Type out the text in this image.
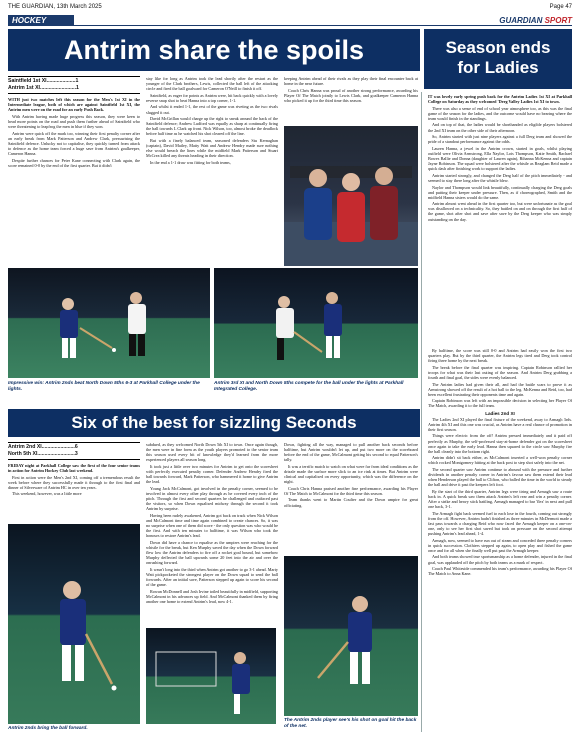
THE GUARDIAN, 13th March 2025	Page 47
HOCKEY	GUARDIAN SPORT
Antrim share the spoils	Season ends
for Ladies
Saintfield 1st XI....................1
Antrim 1st XI.........................1

WITH just two matches left this season for the Men's 1st XI in the Intermediate league, both of which are against Saintfield 1st XI, the Antrim men were on the road for an early Push Back.

With Antrim having made huge progress this season, they were keen to head more points on the road and push them further ahead of Saintfield who were threatening to leapfrog the men in blue if they won.

Antrim were quick off the mark too, winning their first penalty corner after an early break from Mark Patterson and Andrew Clark, pressurising the Saintfield defence. Unlucky not to capitalise, they quickly turned from attack to defence as the home team forced a huge save from Antrim's goalkeeper, Cameron Hanna.

Despite further chances for Peter Kane connecting with Clark again, the score remained 0-0 by the end of the first quarter. But it didn't

stay like for long as Antrim took the lead shortly after the restart as the younger of the Clark brothers, Lewis, collected the ball left of the attacking circle and fired the ball goalward for Cameron O'Neill to finish it off.

Saintfield, as eager for points as Antrim were, hit back quickly with a lovely reverse snap shot to beat Hanna into a top corner, 1-1.

And whilst it ended 1-1, the rest of the game was riveting as the two rivals slugged it out.

David McGrillan would charge up the right to sneak around the back of the Saintfield defence; Andrew Ludford was equally as sharp at continually firing the ball towards L Clark up front. Nick Wilson, too, almost broke the deadlock before half time as he watched his shot cleared off the line.

But with a finely balanced team, seasoned defenders Stu Kernaghan (captain), David Mailey, Matty Watt and Andrew Hendry made sure nothing else would breach the lines while the midfield Mark Patterson and Stuart McCrea killed any threats heading in their direction.

In the end a 1-1 draw was fitting for both teams,

keeping Antrim ahead of their rivals as they play their final encounter back at home in the near future.

Coach Chris Hanna was proud of another strong performance, awarding his Player Of The Match jointly to Lewis Clark, and goalkeeper Cameron Hanna who picked it up for the third time this season.

Impressive win: Antrim 2nds beat North Down 5ths 6-3 at Parkhall College under the lights.
Antrim 3rd XI and North Down 5ths compete for the ball under the lights at Parkhall Integrated College.
Six of the best for sizzling Seconds
Antrim 2nd XI.......................6
North 5th XI..........................3

FRIDAY night at Parkhall College saw the first of the four senior teams in action for Antrim Hockey Club last weekend.

First in action were the Men's 2nd XI, coming off a tremendous result the week before where they successfully made it through to the first final and dinner of Silverware of Antrim HC in over ten years.

This weekend, however, was a little more

subdued, as they welcomed North Down 5th XI to town. Once again though, the men were in fine form as the youth players promoted to the senior team this season used every bit of knowledge they'd learned from the more experienced players all season long.

It took just a little over two minutes for Antrim to get onto the scoresheet with perfectly executed penalty corner. Defender Andrew Hendry fired the ball towards forward, Mark Patterson, who hammered it home to give Antrim the lead.

Young Jack McCalmont, got involved in the penalty corner, seemed to be involved in almost every other play through as he covered every inch of the pitch. Through the first and second quarters he challenged and outfaced past the visitors, so when Down equalised midway through the second it took Antrim by surprise.

Having been rudely awakened, Antrim got back on track when Nick Wilson and McCalmont time and time again combined to create chances. So, it was no surprise when one of them did score - the only question was who would be the first. And with ten minutes to halftime, it was Wilson who took the honours to restore Antrim's lead.

Down did have a chance to equalise as the umpires were reaching for the whistle for the break, but Ken Murphy saved the day when the Down forward flew low the Antrim defenders to fire off a rocket goal bound, but somehow Murphy deflected the ball upwards some 20 feet into the air and over the onrushing forward.

It wasn't long into the third when Antrim got another to go 3-1 ahead. Marty Watt pickpocketed the strongest player on the Down squad to send the ball forwards. After an initial save, Patterson stepped up again to score his second of the game.

Rowan McDonnell and Josh Irvine toiled beautifully in midfield, supporting McCalmont in his advances up field. And McCalmont thanked them by firing another one home to extend Antrim's lead, now 4-1.

Down, fighting all the way, managed to pull another back seconds before halftime, but Antrim wouldn't let up, and put two more on the scoreboard before the end of the game, McCalmont getting his second to equal Patterson's tally.

It was a terrific match to watch on what were far from ideal conditions as the drizzle made the surface more slick to an ice rink at times. But Antrim were clinical and capitalised on every opportunity, which was the difference on the night.

Coach Chris Hanna praised another fine performance, awarding his Player Of The Match to McCalmont for the third time this season.

Team thanks went to Martin Coulter and the Down umpire for great officiating.

Antrim 2nds bring the ball forward.
The Antrim 2nds player see's his shot on goal hit the back of the net.

IT was lovely early spring push back for the Antrim Ladies 1st XI at Parkhall College on Saturday as they welcomed 'Derg Valley Ladies 1st XI to town.

There was also a sense of end of school year atmosphere too, as this was the final game of the season for the ladies, and the outcome would have no bearing where the team would finish in the standings.

And on top of that, the ladies would be shorthanded as eligible players bolstered the 2nd XI team on the other side of their afternoon.

So, Antrim started with just nine players against a full Derg team and showed the pride of a standout performance against the odds.

Lauren Hanna, a jewel in the Antrim crown, started in goals, whilst playing outfield were Olivia Armstrong, Ella Naylor, Lois Thompson, Katie Smith, Rachael Bowes Ballie and Donna (daughter of Lauren again), Rihanna McKenna and captain Jayne Robinson. The squad were bolstered after the whistle as Reaglam Reid made a quick dash after finishing work to support the ladies.

Antrim started strongly, and changed the Derg half of the pitch immediately - and seemed to stay there long after the whistle blew.

Naylor and Thompson would link beautifully, continually charging the Derg goals and putting their keeper under pressure. Then, as if choreographed, Smith and the midfield Hanna sisters would do the same.

Antrim almost went ahead in the first quarter too, but were unfortunate as the goal was disallowed on a technicality. So, they battled on and on through the first half of the game, shot after shot and save after save by the Derg keeper who was simply outstanding on the day.

By halftime, the score was still 0-0 and Antrim had easily won the first two quarters play. But by the third quarter, the Antrim legs tired and Derg took control firing three home by the next break.

The break before the final quarter was inspiring. Captain Robinson rallied her troops for what was their last outing of the season. And Antrim Derg grabbing a fourth and final goal, the sides were evenly balanced.

The Antrim ladies had given their all, and had the battle scars to prove it as Armstrong showed off the result of a hot ball to the leg. McKenna and Reid, too, had been excellent frustrating their opponents time and again.

Captain Robinson was left with an impossible decision in selecting her Player Of The Match, awarding it to the full team.

Ladies 2nd XI

The Ladies 2nd XI played the final fixture of the weekend, away to Armagh 3rds. Antrim 4th XI and this one was crucial, as Antrim have a real chance of promotion in their first season.

Things were electric from the off! Antrim pressed immediately and it paid off perfectly as Murphy, the self-professed stay-at-home defender got on the scoresheet once again to take the early lead. Hanna then squared to the circle saw Murphy fire the ball cleanly into the bottom right.

Antrim didn't sit back either, as McCalmont inserted a well-won penalty corner which rocked Montgomery hitting at the back post to step shot safely into the net.

The second quarter saw Antrim continue to abound with the pressure and further dividends in another penalty corner in Antrim's favour saw them extend their lead when Henderson played the ball to Clifton, who balled the time in the world to steady the ball and drive it past the keepers left foot.

By the start of the third quarter, Antrim legs were tiring and Armagh saw a route back in. A quick break saw them attack Antrim's left rear and win a penalty corner. After a strike and heavy stick battling, Armagh managed to bar 'flex' in next and pull one back, 3-1.

The Armagh fight back seemed fuel to each lose in the fourth, coming out strongly from the off. However, Antrim hadn't finished as three minutes in McDermott made a fast pass towards a charging Reid who now faced the Armagh keeper on a one-on-one, only to see her first shot saved but took on pressure on the second attempt pushing Antrim's lead ahead, 1-4.

Armagh, now, seemed to have run out of steam and conceded three penalty corners in quick succession. Clothiers stepped up again, to open play and fished the game once and for all when she finally well put past the Armagh keeper.

And both teams showed true sportsmanship as a home defender, injured in the final goal, was applauded off the pitch by both teams as a mark of respect.

Coach Paul Whiteside commended his team's performance, awarding his Player Of The Match to Anna Kane.
